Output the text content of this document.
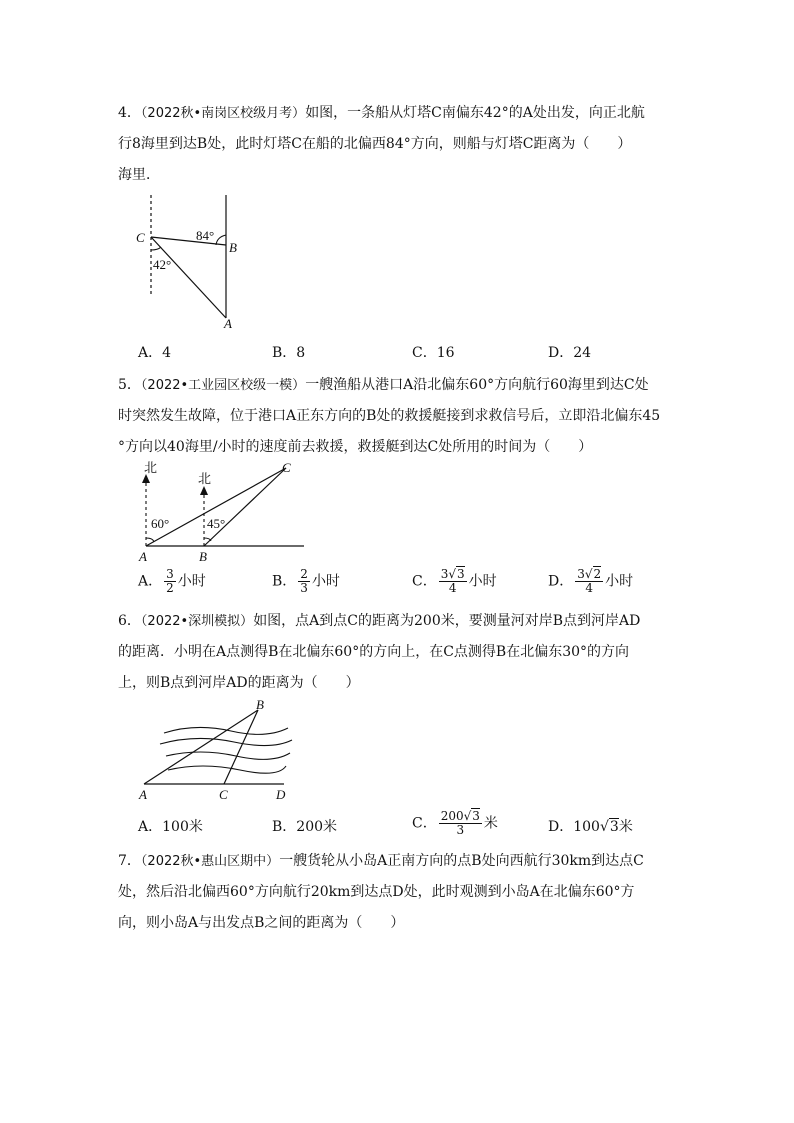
4．（2022秋•南岗区校级月考）如图，一条船从灯塔C南偏东42°的A处出发，向正北航
行8海里到达B处，此时灯塔C在船的北偏西84°方向，则船与灯塔C距离为（　　）
海里．
C
B
A
84°
42°
A．4	B．8	C．16	D．24
5．（2022•工业园区校级一模）一艘渔船从港口A沿北偏东60°方向航行60海里到达C处
时突然发生故障，位于港口A正东方向的B处的救援艇接到求救信号后，立即沿北偏东45
°方向以40海里/小时的速度前去救援，救援艇到达C处所用的时间为（　　）
北
北
60°	45°
A	B
C
A． $\frac{3}{2}$ 小时	B． $\frac{2}{3}$ 小时	C． $\frac{3√3}{4}$ 小时	D． $\frac{3√2}{4}$ 小时
6．（2022•深圳模拟）如图，点A到点C的距离为200米，要测量河对岸B点到河岸AD
的距离．小明在A点测得B在北偏东60°的方向上，在C点测得B在北偏东30°的方向
上，则B点到河岸AD的距离为（　　）
B
A	C	D
A．100米	B．200米	C． $\frac{200√3}{3}$ 米	D．100√3米
7．（2022秋•惠山区期中）一艘货轮从小岛A正南方向的点B处向西航行30km到达点C
处，然后沿北偏西60°方向航行20km到达点D处，此时观测到小岛A在北偏东60°方
向，则小岛A与出发点B之间的距离为（　　）
